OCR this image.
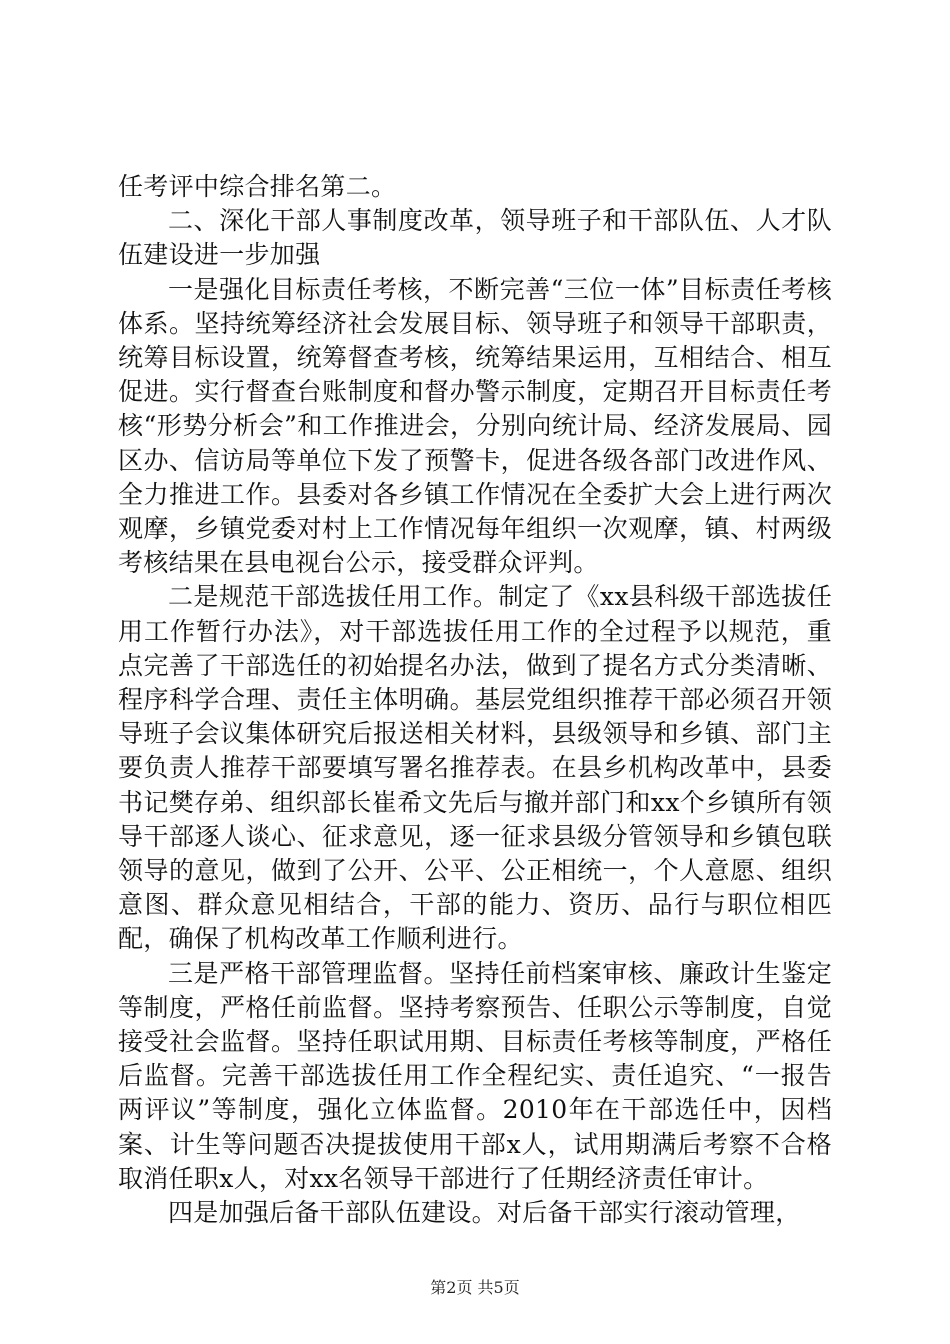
任考评中综合排名第二。

二、深化干部人事制度改革，领导班子和干部队伍、人才队伍建设进一步加强

一是强化目标责任考核，不断完善“三位一体”目标责任考核体系。坚持统筹经济社会发展目标、领导班子和领导干部职责，统筹目标设置，统筹督查考核，统筹结果运用，互相结合、相互促进。实行督查台账制度和督办警示制度，定期召开目标责任考核“形势分析会”和工作推进会，分别向统计局、经济发展局、园区办、信访局等单位下发了预警卡，促进各级各部门改进作风、全力推进工作。县委对各乡镇工作情况在全委扩大会上进行两次观摩，乡镇党委对村上工作情况每年组织一次观摩，镇、村两级考核结果在县电视台公示，接受群众评判。

二是规范干部选拔任用工作。制定了《xx县科级干部选拔任用工作暂行办法》，对干部选拔任用工作的全过程予以规范，重点完善了干部选任的初始提名办法，做到了提名方式分类清晰、程序科学合理、责任主体明确。基层党组织推荐干部必须召开领导班子会议集体研究后报送相关材料，县级领导和乡镇、部门主要负责人推荐干部要填写署名推荐表。在县乡机构改革中，县委书记樊存弟、组织部长崔希文先后与撤并部门和xx个乡镇所有领导干部逐人谈心、征求意见，逐一征求县级分管领导和乡镇包联领导的意见，做到了公开、公平、公正相统一，个人意愿、组织意图、群众意见相结合，干部的能力、资历、品行与职位相匹配，确保了机构改革工作顺利进行。

三是严格干部管理监督。坚持任前档案审核、廉政计生鉴定等制度，严格任前监督。坚持考察预告、任职公示等制度，自觉接受社会监督。坚持任职试用期、目标责任考核等制度，严格任后监督。完善干部选拔任用工作全程纪实、责任追究、“一报告两评议”等制度，强化立体监督。2010年在干部选任中，因档案、计生等问题否决提拔使用干部x人，试用期满后考察不合格取消任职x人，对xx名领导干部进行了任期经济责任审计。

四是加强后备干部队伍建设。对后备干部实行滚动管理，

第2页 共5页
